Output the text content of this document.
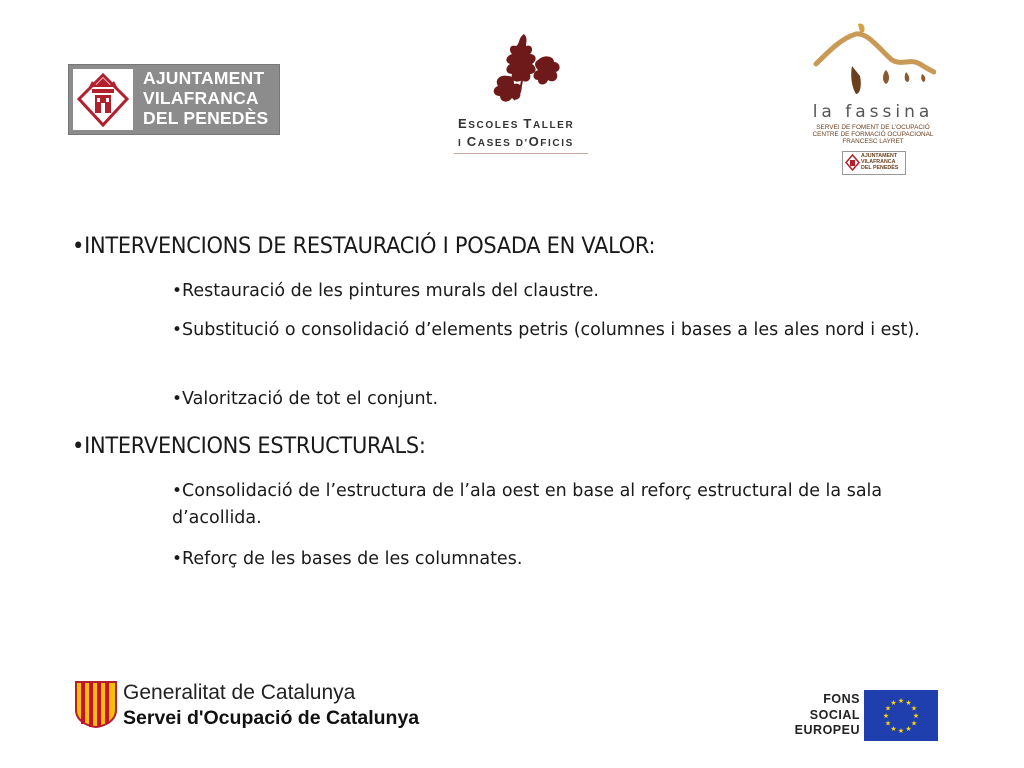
AJUNTAMENT
VILAFRANCA
DEL PENEDÈS	ESCOLES TALLER
I CASES D'OFICIS
la fassina
SERVEI DE FOMENT DE L'OCUPACIÓ
CENTRE DE FORMACIÓ OCUPACIONAL
FRANCESC LAYRET
AJUNTAMENT
VILAFRANCA
DEL PENEDÈS
•INTERVENCIONS DE RESTAURACIÓ I POSADA EN VALOR:
•Restauració de les pintures murals del claustre.
•Substitució o consolidació d’elements petris (columnes i bases a les ales nord i est).
•Valorització de tot el conjunt.
•INTERVENCIONS ESTRUCTURALS:
•Consolidació de l’estructura de l’ala oest en base al reforç estructural de la sala d’acollida.
•Reforç de les bases de les columnates.
Generalitat de Catalunya
Servei d'Ocupació de Catalunya
FONS
SOCIAL
EUROPEU
★
★
★
★
★
★
★
★
★ ★ ★
★
